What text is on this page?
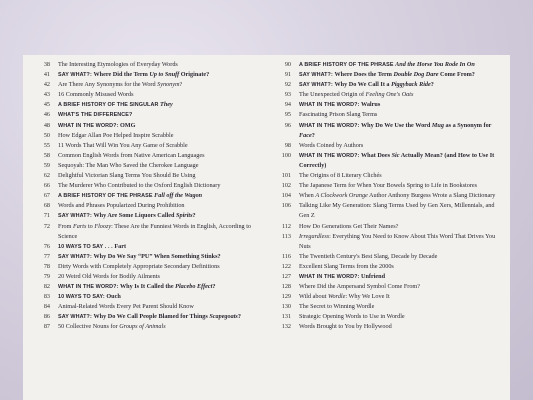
38	The Interesting Etymologies of Everyday Words
41	SAY WHAT?: Where Did the Term Up to Snuff Originate?
42	Are There Any Synonyms for the Word Synonym?
43	16 Commonly Misused Words
45	A BRIEF HISTORY OF THE SINGULAR They
46	WHAT'S THE DIFFERENCE?
48	WHAT IN THE WORD?: OMG
50	How Edgar Allan Poe Helped Inspire Scrabble
55	11 Words That Will Win You Any Game of Scrabble
58	Common English Words from Native American Languages
59	Sequoyah: The Man Who Saved the Cherokee Language
62	Delightful Victorian Slang Terms You Should Be Using
66	The Murderer Who Contributed to the Oxford English Dictionary
67	A BRIEF HISTORY OF THE PHRASE Fall off the Wagon
68	Words and Phrases Popularized During Prohibition
71	SAY WHAT?: Why Are Some Liquors Called Spirits?
72	From Farts to Floozy: These Are the Funniest Words in English, According to Science
76	10 WAYS TO SAY . . . Fart
77	SAY WHAT?: Why Do We Say “PU” When Something Stinks?
78	Dirty Words with Completely Appropriate Secondary Definitions
79	20 Weird Old Words for Bodily Ailments
82	WHAT IN THE WORD?: Why Is It Called the Placebo Effect?
83	10 WAYS TO SAY: Ouch
84	Animal-Related Words Every Pet Parent Should Know
86	SAY WHAT?: Why Do We Call People Blamed for Things Scapegoats?
87	50 Collective Nouns for Groups of Animals
90	A BRIEF HISTORY OF THE PHRASE And the Horse You Rode In On
91	SAY WHAT?: Where Does the Term Double Dog Dare Come From?
92	SAY WHAT?: Why Do We Call It a Piggyback Ride?
93	The Unexpected Origin of Feeling One's Oats
94	WHAT IN THE WORD?: Walrus
95	Fascinating Prison Slang Terms
96	WHAT IN THE WORD?: Why Do We Use the Word Mug as a Synonym for Face?
98	Words Coined by Authors
100	WHAT IN THE WORD?: What Does Sic Actually Mean? (and How to Use It Correctly)
101	The Origins of 8 Literary Clichés
102	The Japanese Term for When Your Bowels Spring to Life in Bookstores
104	When A Clockwork Orange Author Anthony Burgess Wrote a Slang Dictionary
106	Talking Like My Generation: Slang Terms Used by Gen Xers, Millennials, and Gen Z
112	How Do Generations Get Their Names?
113	Irregardless: Everything You Need to Know About This Word That Drives You Nuts
116	The Twentieth Century's Best Slang, Decade by Decade
122	Excellent Slang Terms from the 2000s
127	WHAT IN THE WORD?: Unfriend
128	Where Did the Ampersand Symbol Come From?
129	Wild about Wordle: Why We Love It
130	The Secret to Winning Wordle
131	Strategic Opening Words to Use in Wordle
132	Words Brought to You by Hollywood
